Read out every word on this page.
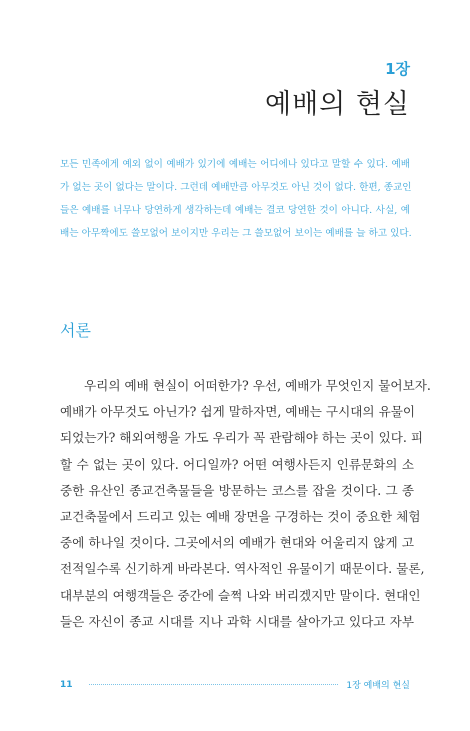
1장
예배의 현실
모든 민족에게 예외 없이 예배가 있기에 예배는 어디에나 있다고 말할 수 있다. 예배
가 없는 곳이 없다는 말이다. 그런데 예배만큼 아무것도 아닌 것이 없다. 한편, 종교인
들은 예배를 너무나 당연하게 생각하는데 예배는 결코 당연한 것이 아니다. 사실, 예
배는 아무짝에도 쓸모없어 보이지만 우리는 그 쓸모없어 보이는 예배를 늘 하고 있다.
서론
우리의 예배 현실이 어떠한가? 우선, 예배가 무엇인지 물어보자.
예배가 아무것도 아닌가? 쉽게 말하자면, 예배는 구시대의 유물이
되었는가? 해외여행을 가도 우리가 꼭 관람해야 하는 곳이 있다. 피
할 수 없는 곳이 있다. 어디일까? 어떤 여행사든지 인류문화의 소
중한 유산인 종교건축물들을 방문하는 코스를 잡을 것이다. 그 종
교건축물에서 드리고 있는 예배 장면을 구경하는 것이 중요한 체험
중에 하나일 것이다. 그곳에서의 예배가 현대와 어울리지 않게 고
전적일수록 신기하게 바라본다. 역사적인 유물이기 때문이다. 물론,
대부분의 여행객들은 중간에 슬쩍 나와 버리겠지만 말이다. 현대인
들은 자신이 종교 시대를 지나 과학 시대를 살아가고 있다고 자부
11	1장 예배의 현실
